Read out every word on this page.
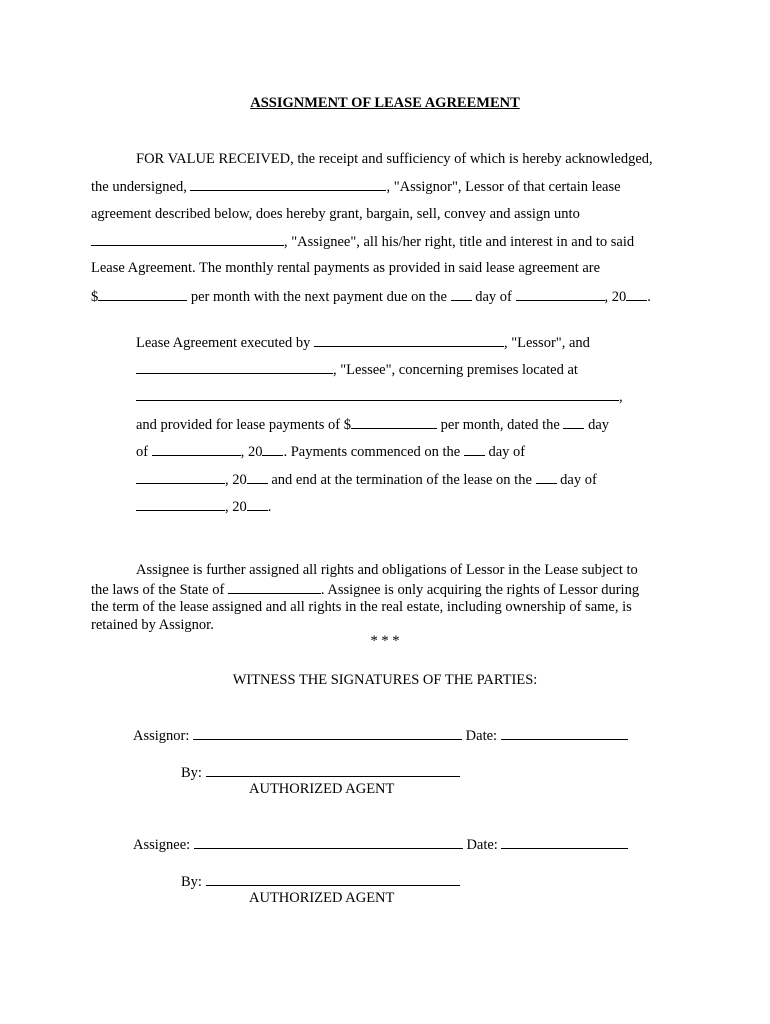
ASSIGNMENT OF LEASE AGREEMENT
FOR VALUE RECEIVED, the receipt and sufficiency of which is hereby acknowledged,
the undersigned,	, "Assignor", Lessor of that certain lease
agreement described below, does hereby grant, bargain, sell, convey and assign unto
, "Assignee", all his/her right, title and interest in and to said
Lease Agreement. The monthly rental payments as provided in said lease agreement are
$	per month with the next payment due on the day of	, 20 .
Lease Agreement executed by	, "Lessor", and
, "Lessee", concerning premises located at
,
and provided for lease payments of $	per month, dated the day
of	, 20 . Payments commenced on the day of
, 20 and end at the termination of the lease on the day of
, 20 .
Assignee is further assigned all rights and obligations of Lessor in the Lease subject to
the laws of the State of	. Assignee is only acquiring the rights of Lessor during
the term of the lease assigned and all rights in the real estate, including ownership of same, is
retained by Assignor.
* * *
WITNESS THE SIGNATURES OF THE PARTIES:
Assignor:	Date:
By:
AUTHORIZED AGENT
Assignee:	Date:
By:
AUTHORIZED AGENT
